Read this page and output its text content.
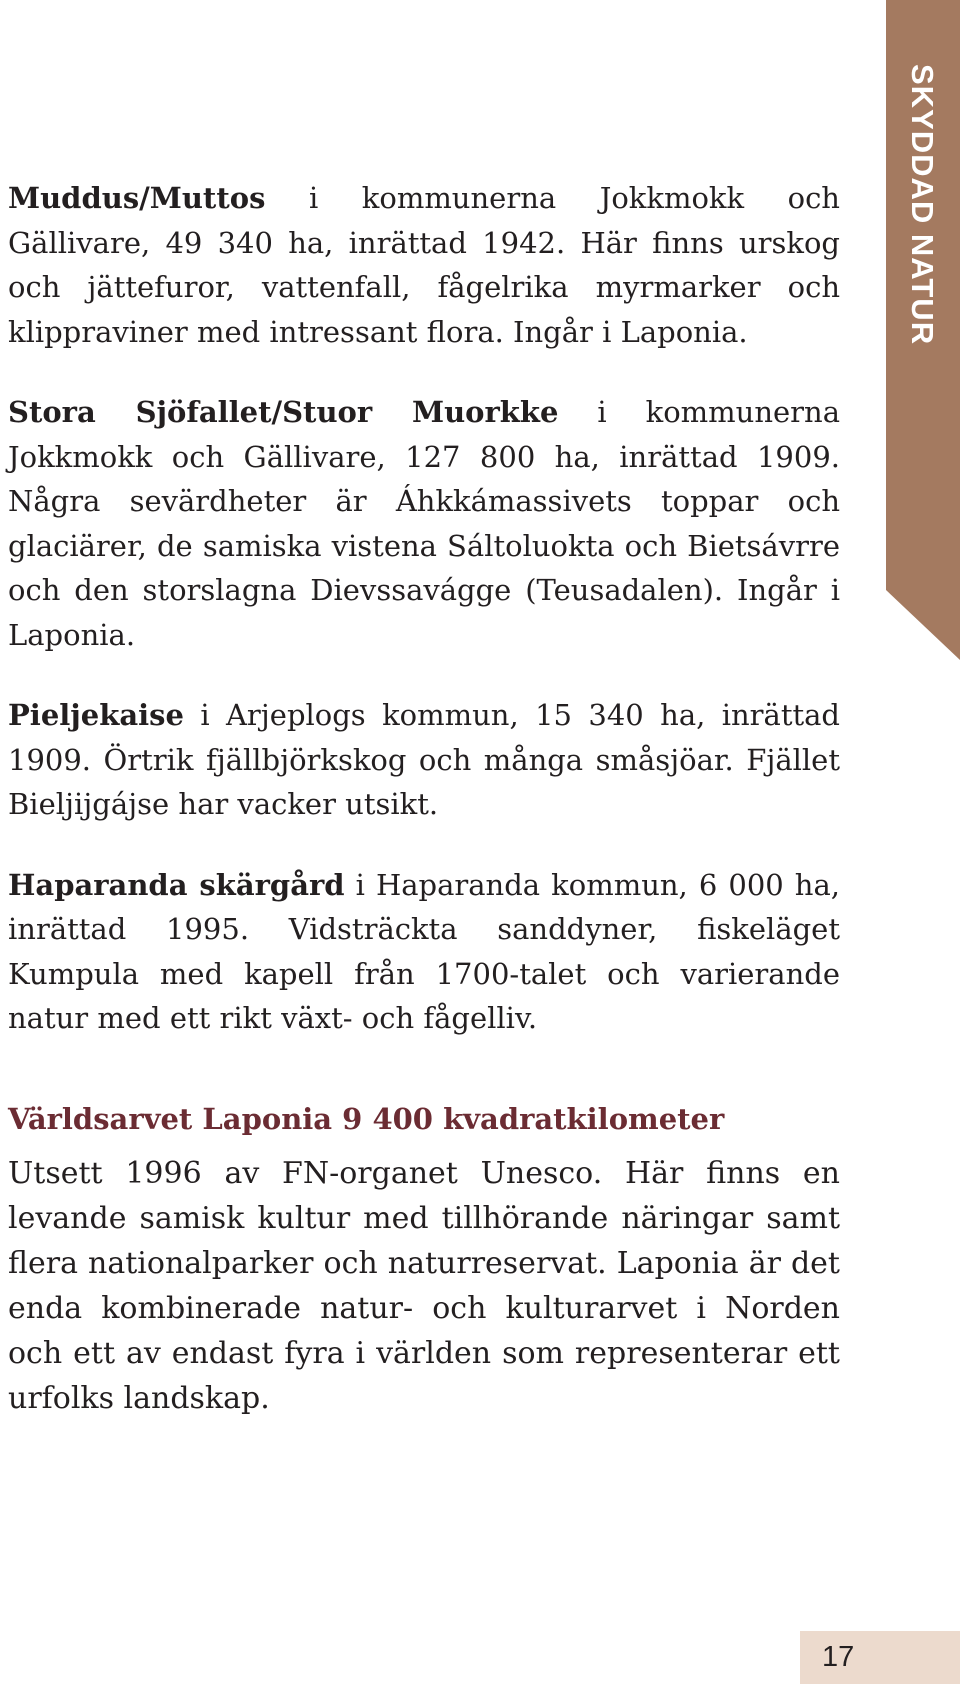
SKYDDAD NATUR

Muddus/Muttos i kommunerna Jokkmokk och Gällivare, 49 340 ha, inrättad 1942. Här finns urskog och jättefuror, vattenfall, fågelrika myrmarker och klippraviner med intressant flora. Ingår i Laponia.

Stora Sjöfallet/Stuor Muorkke i kommunerna Jokkmokk och Gällivare, 127 800 ha, inrättad 1909. Några sevärdheter är Áhkkámassivets toppar och glaciärer, de samiska vistena Sáltoluokta och Bietsávrre och den storslagna Dievssavágge (Teusadalen). Ingår i Laponia.

Pieljekaise i Arjeplogs kommun, 15 340 ha, inrättad 1909. Örtrik fjällbjörkskog och många småsjöar. Fjället Bieljijgájse har vacker utsikt.

Haparanda skärgård i Haparanda kommun, 6 000 ha, inrättad 1995. Vidsträckta sanddyner, fiskeläget Kumpula med kapell från 1700-talet och varierande natur med ett rikt växt- och fågelliv.

Världsarvet Laponia 9 400 kvadratkilometer

Utsett 1996 av FN-organet Unesco. Här finns en levande samisk kultur med tillhörande näringar samt flera nationalparker och naturreservat. Laponia är det enda kombinerade natur- och kulturarvet i Norden och ett av endast fyra i världen som representerar ett urfolks landskap.

17
